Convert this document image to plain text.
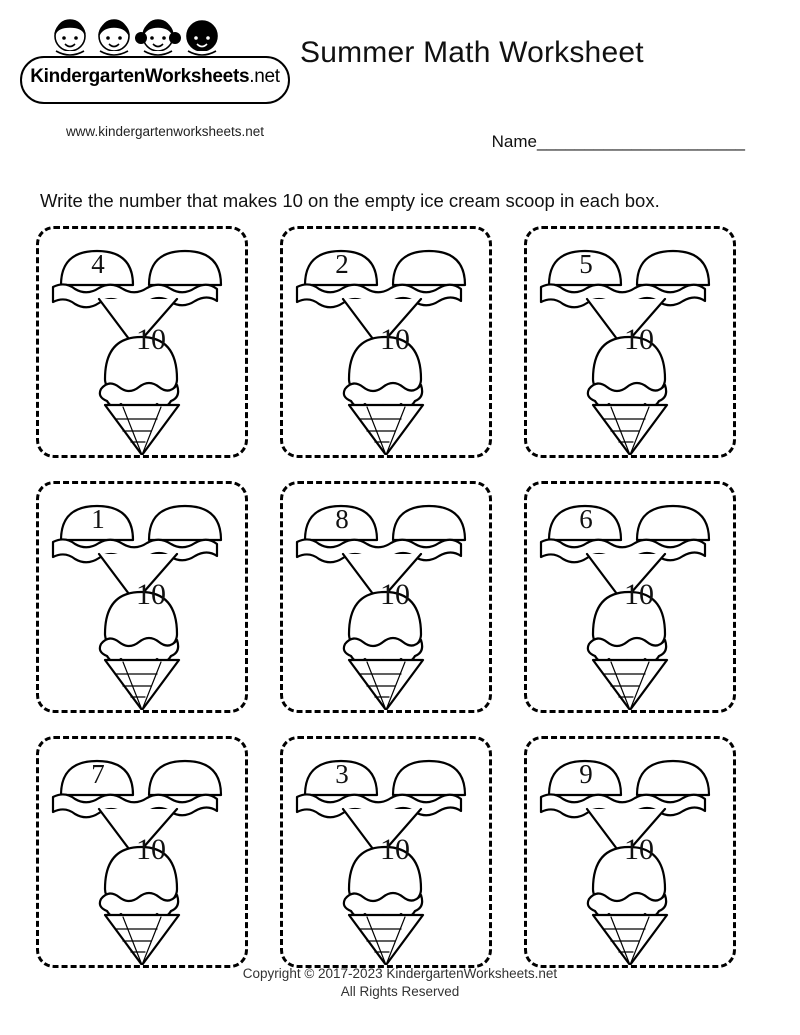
KindergartenWorksheets.net
www.kindergartenworksheets.net
Summer Math Worksheet
Name______________________
Write the number that makes 10 on the empty ice cream scoop in each box.
4
10
2
10
5
10
1
10
8
10
6
10
7
10
3
10
9
10
Copyright © 2017-2023 KindergartenWorksheets.net
All Rights Reserved
